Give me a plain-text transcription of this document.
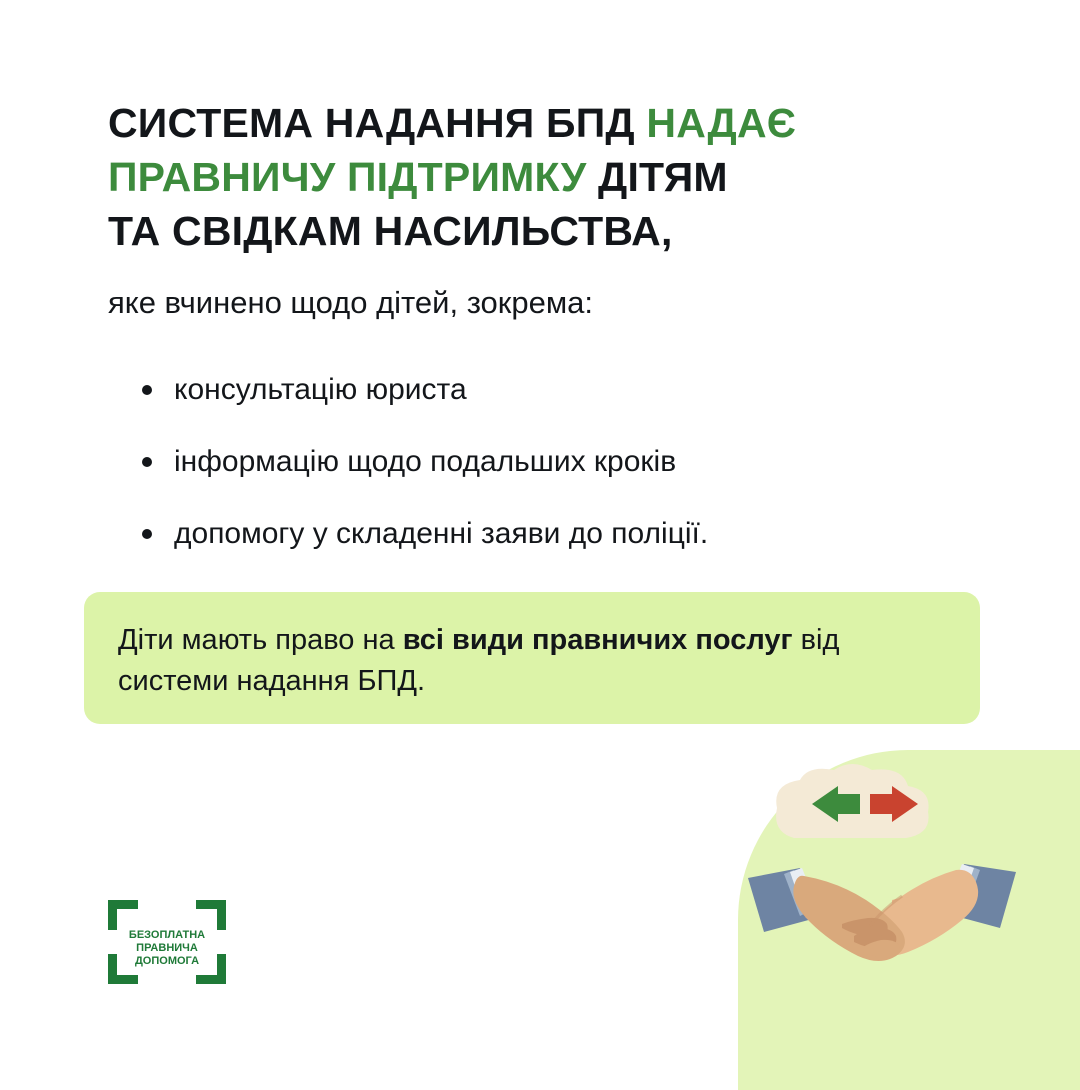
СИСТЕМА НАДАННЯ БПД НАДАЄ
ПРАВНИЧУ ПІДТРИМКУ ДІТЯМ
ТА СВІДКАМ НАСИЛЬСТВА,
яке вчинено щодо дітей, зокрема:
консультацію юриста
інформацію щодо подальших кроків
допомогу у складенні заяви до поліції.
Діти мають право на всі види правничих послуг від системи надання БПД.
БЕЗОПЛАТНА
ПРАВНИЧА
ДОПОМОГА
